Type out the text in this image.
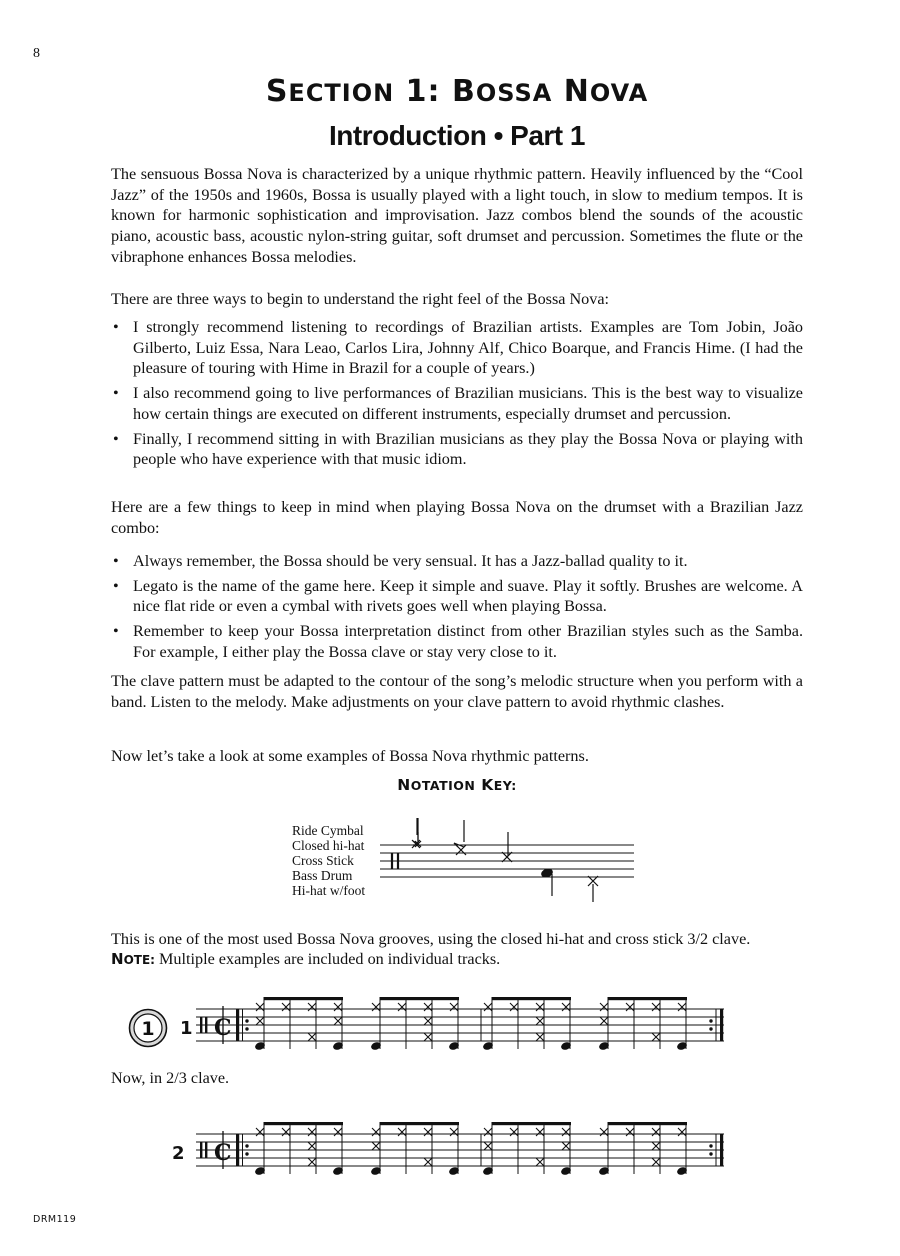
8
SECTION 1: BOSSA NOVA
Introduction • Part 1

The sensuous Bossa Nova is characterized by a unique rhythmic pattern. Heavily influenced by the “Cool Jazz” of the 1950s and 1960s, Bossa is usually played with a light touch, in slow to medium tempos. It is known for harmonic sophistication and improvisation. Jazz combos blend the sounds of the acoustic piano, acoustic bass, acoustic nylon-string guitar, soft drumset and percussion. Sometimes the flute or the vibraphone enhances Bossa melodies.

There are three ways to begin to understand the right feel of the Bossa Nova:

• I strongly recommend listening to recordings of Brazilian artists. Examples are Tom Jobin, João Gilberto, Luiz Essa, Nara Leao, Carlos Lira, Johnny Alf, Chico Boarque, and Francis Hime. (I had the pleasure of touring with Hime in Brazil for a couple of years.)
• I also recommend going to live performances of Brazilian musicians. This is the best way to visualize how certain things are executed on different instruments, especially drumset and percussion.
• Finally, I recommend sitting in with Brazilian musicians as they play the Bossa Nova or playing with people who have experience with that music idiom.

Here are a few things to keep in mind when playing Bossa Nova on the drumset with a Brazilian Jazz combo:

• Always remember, the Bossa should be very sensual. It has a Jazz-ballad quality to it.
• Legato is the name of the game here. Keep it simple and suave. Play it softly. Brushes are welcome. A nice flat ride or even a cymbal with rivets goes well when playing Bossa.
• Remember to keep your Bossa interpretation distinct from other Brazilian styles such as the Samba. For example, I either play the Bossa clave or stay very close to it.

The clave pattern must be adapted to the contour of the song’s melodic structure when you perform with a band. Listen to the melody. Make adjustments on your clave pattern to avoid rhythmic clashes.

Now let’s take a look at some examples of Bossa Nova rhythmic patterns.

NOTATION KEY:
Ride Cymbal
Closed hi-hat
Cross Stick
Bass Drum
Hi-hat w/foot

This is one of the most used Bossa Nova grooves, using the closed hi-hat and cross stick 3/2 clave.

NOTE: Multiple examples are included on individual tracks.

1 1 C

Now, in 2/3 clave.

2 C
DRM119
